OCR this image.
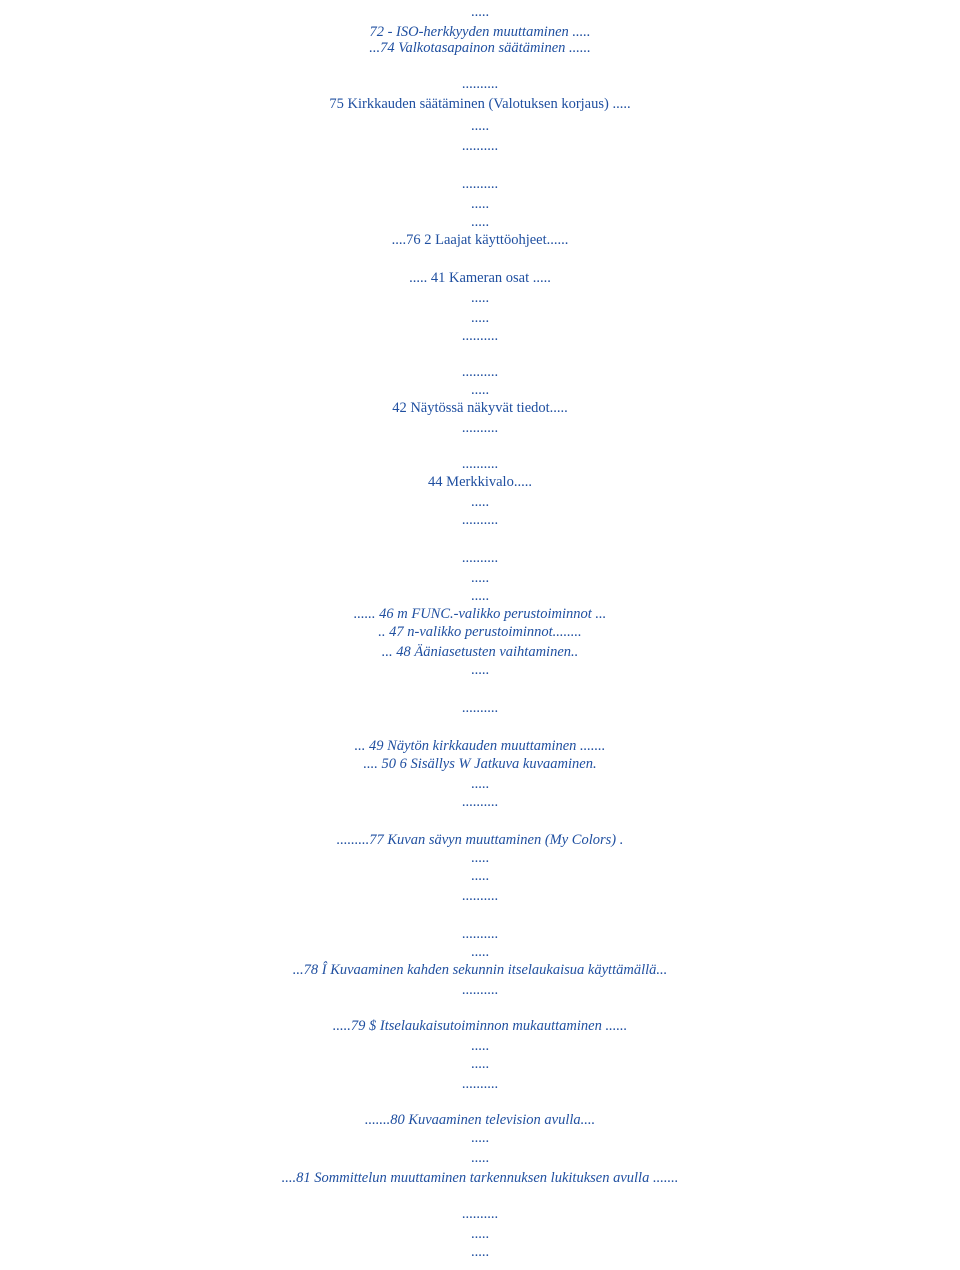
.....
72 - ISO-herkkyyden muuttaminen .....
...74 Valkotasapainon säätäminen ......
..........
75 Kirkkauden säätäminen (Valotuksen korjaus) .....
.....
..........
..........
.....
.....
....76 2 Laajat käyttöohjeet......
..... 41 Kameran osat .....
.....
.....
..........
..........
.....
42 Näytössä näkyvät tiedot.....
..........
..........
44 Merkkivalo.....
.....
..........
..........
.....
.....
...... 46 m FUNC.-valikko perustoiminnot ...
.. 47 n-valikko perustoiminnot........
... 48 Ääniasetusten vaihtaminen..
.....
..........
... 49 Näytön kirkkauden muuttaminen .......
.... 50 6 Sisällys W Jatkuva kuvaaminen.
.....
..........
.........77 Kuvan sävyn muuttaminen (My Colors) .
.....
.....
..........
..........
.....
...78 Î Kuvaaminen kahden sekunnin itselaukaisua käyttämällä...
..........
.....79 $ Itselaukaisutoiminnon mukauttaminen ......
.....
.....
..........
.......80 Kuvaaminen television avulla....
.....
.....
....81 Sommittelun muuttaminen tarkennuksen lukituksen avulla .......
..........
.....
.....
